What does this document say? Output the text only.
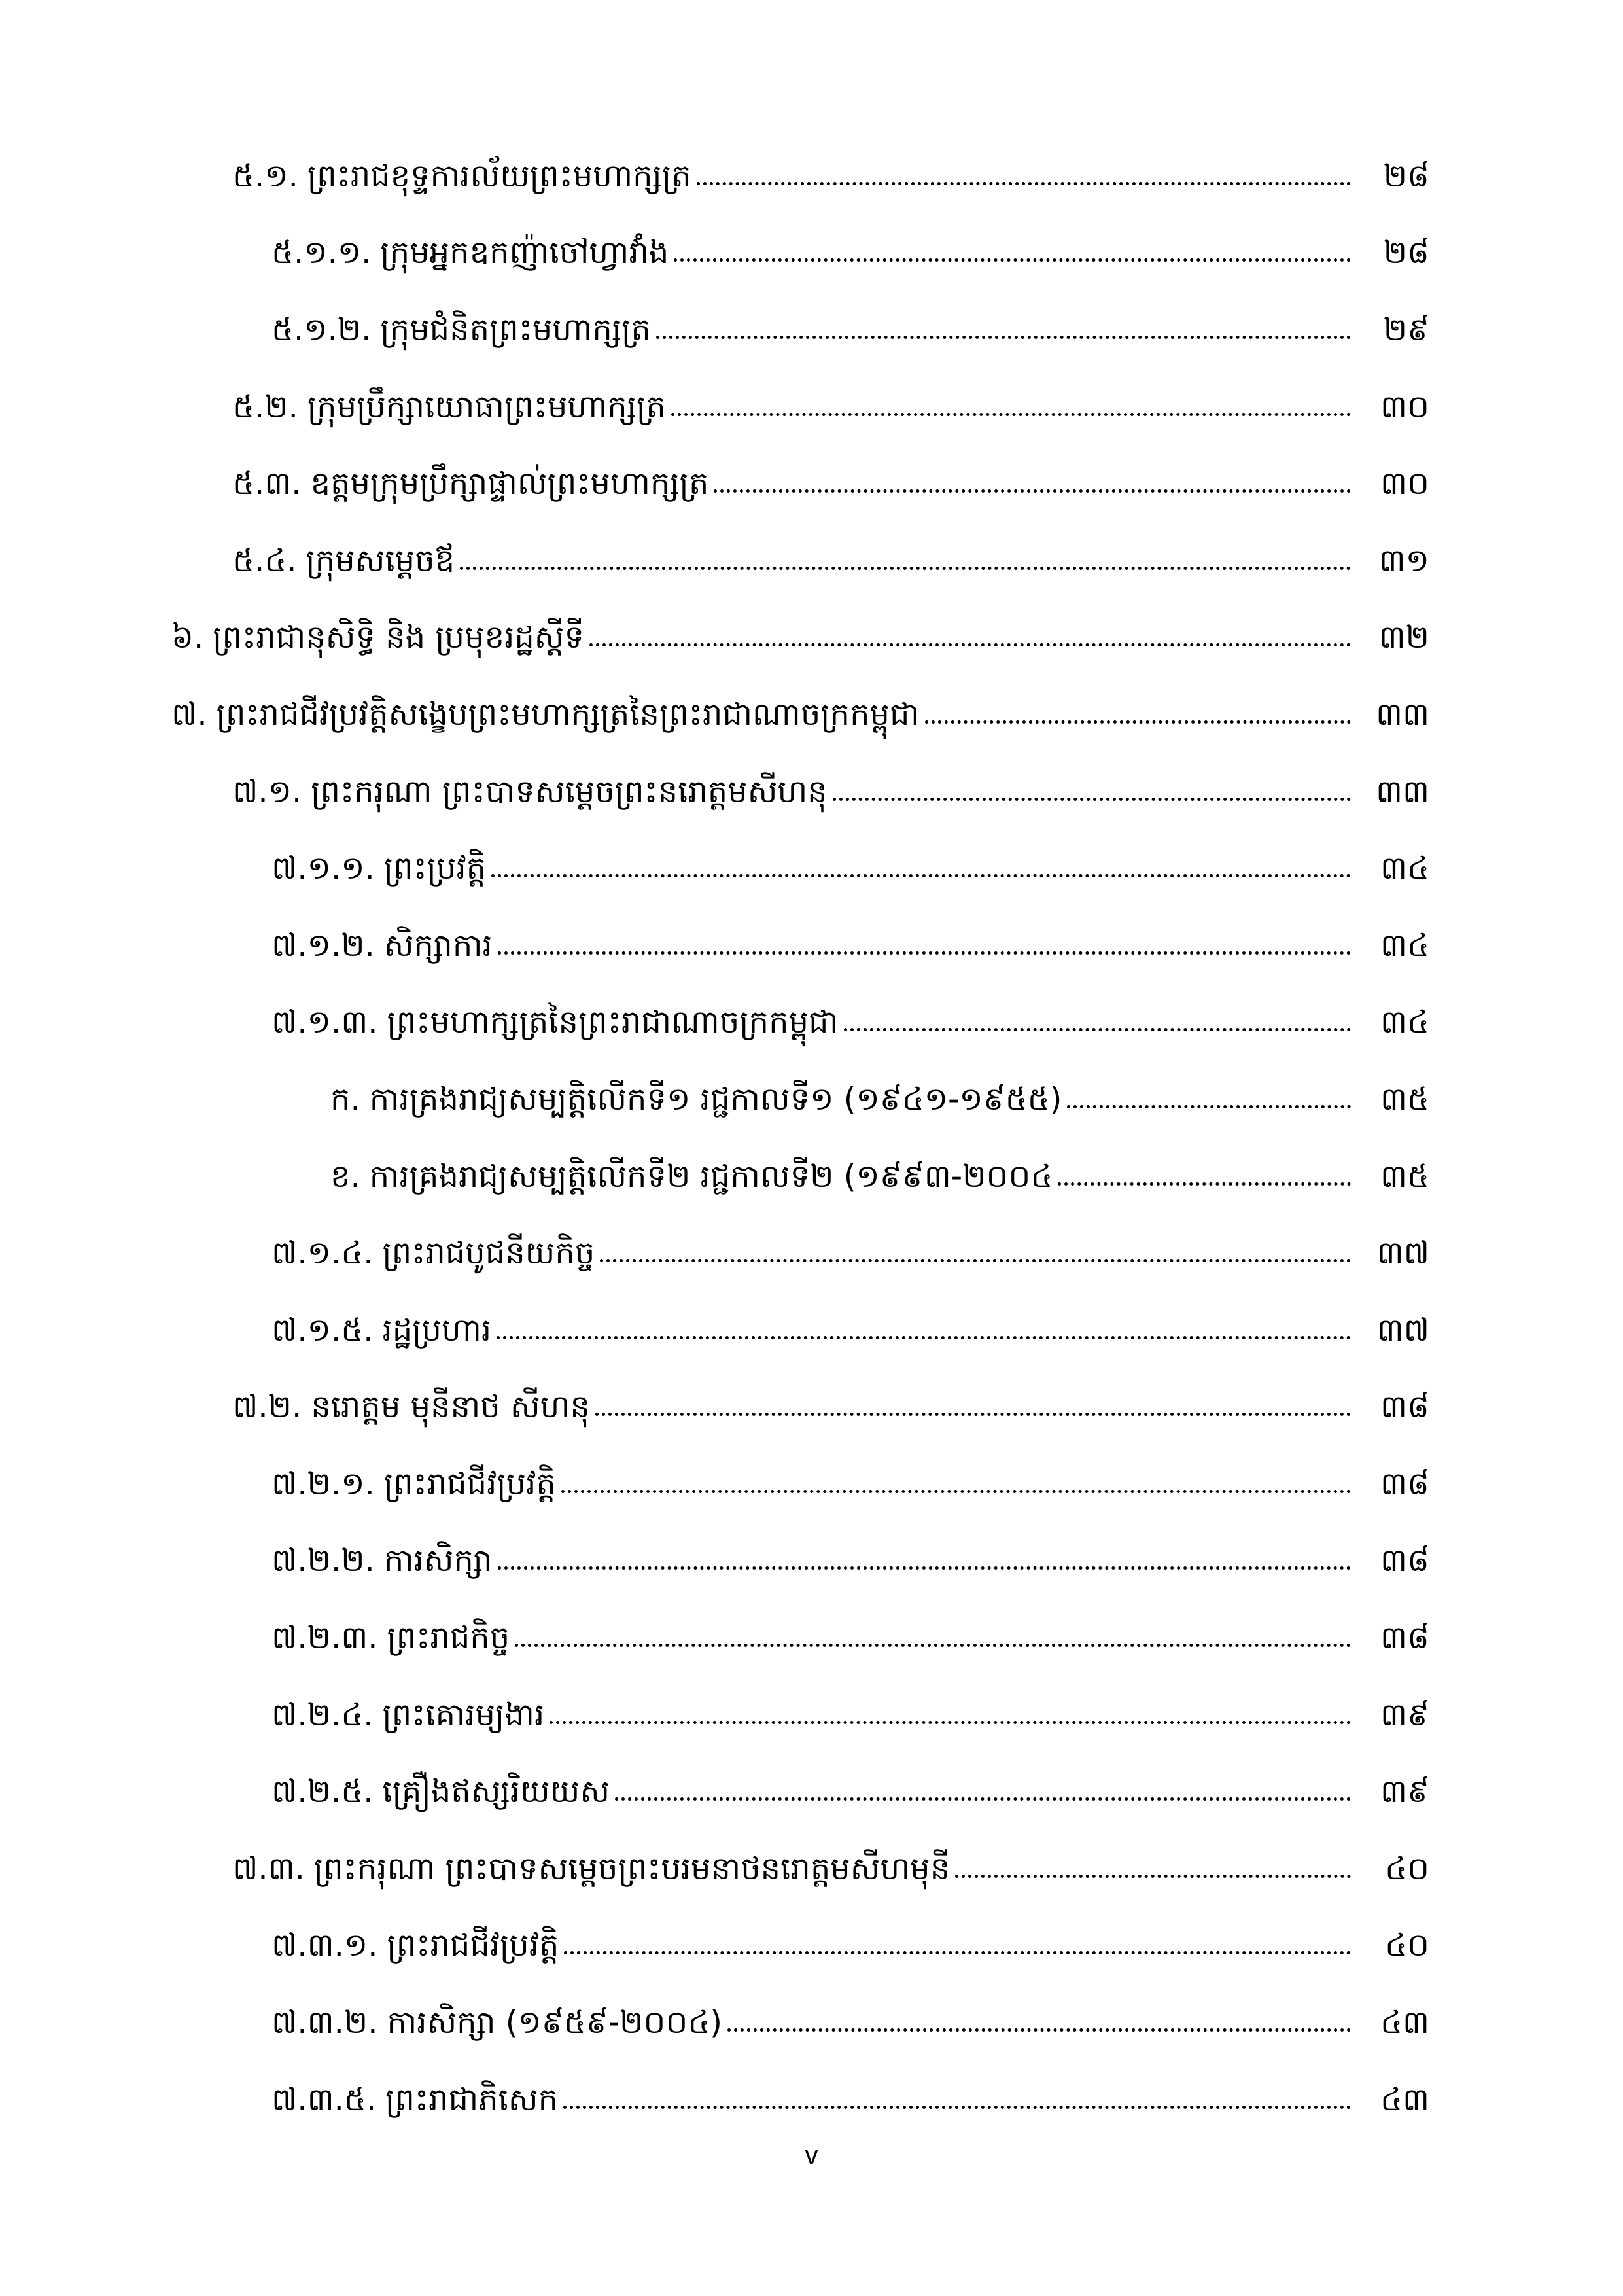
៥.១. ព្រះរាជខុទ្ទការល័យព្រះមហាក្សត្រ	២៨
៥.១.១. ក្រុមអ្នកឧកញ៉ាចៅហ្វាវាំង	២៨
៥.១.២. ក្រុមជំនិតព្រះមហាក្សត្រ	២៩
៥.២. ក្រុមប្រឹក្សាយោធាព្រះមហាក្សត្រ	៣០
៥.៣. ឧត្តមក្រុមប្រឹក្សាផ្ទាល់ព្រះមហាក្សត្រ	៣០
៥.៤. ក្រុមសម្តេចឪ	៣១
៦. ព្រះរាជានុសិទ្ធិ និង ប្រមុខរដ្ឋស្តីទី	៣២
៧. ព្រះរាជជីវប្រវត្តិសង្ខេបព្រះមហាក្សត្រនៃព្រះរាជាណាចក្រកម្ពុជា	៣៣
៧.១. ព្រះករុណា ព្រះបាទសម្តេចព្រះនរោត្តមសីហនុ	៣៣
៧.១.១. ព្រះប្រវត្តិ	៣៤
៧.១.២. សិក្សាការ	៣៤
៧.១.៣. ព្រះមហាក្សត្រនៃព្រះរាជាណាចក្រកម្ពុជា	៣៤
ក. ការគ្រងរាជ្យសម្បត្តិលើកទី១ រជ្ជកាលទី១ (១៩៤១-១៩៥៥)	៣៥
ខ. ការគ្រងរាជ្យសម្បត្តិលើកទី២ រជ្ជកាលទី២ (១៩៩៣-២០០៤	៣៥
៧.១.៤. ព្រះរាជបូជនីយកិច្ច	៣៧
៧.១.៥. រដ្ឋប្រហារ	៣៧
៧.២. នរោត្តម មុនីនាថ សីហនុ	៣៨
៧.២.១. ព្រះរាជជីវប្រវត្តិ	៣៨
៧.២.២. ការសិក្សា	៣៨
៧.២.៣. ព្រះរាជកិច្ច	៣៨
៧.២.៤. ព្រះគោរម្យងារ	៣៩
៧.២.៥. គ្រឿងឥស្សរិយយស	៣៩
៧.៣. ព្រះករុណា ព្រះបាទសម្តេចព្រះបរមនាថនរោត្តមសីហមុនី	៤០
៧.៣.១. ព្រះរាជជីវប្រវត្តិ	៤០
៧.៣.២. ការសិក្សា (១៩៥៩-២០០៤)	៤៣
៧.៣.៥. ព្រះរាជាភិសេក	៤៣
v
